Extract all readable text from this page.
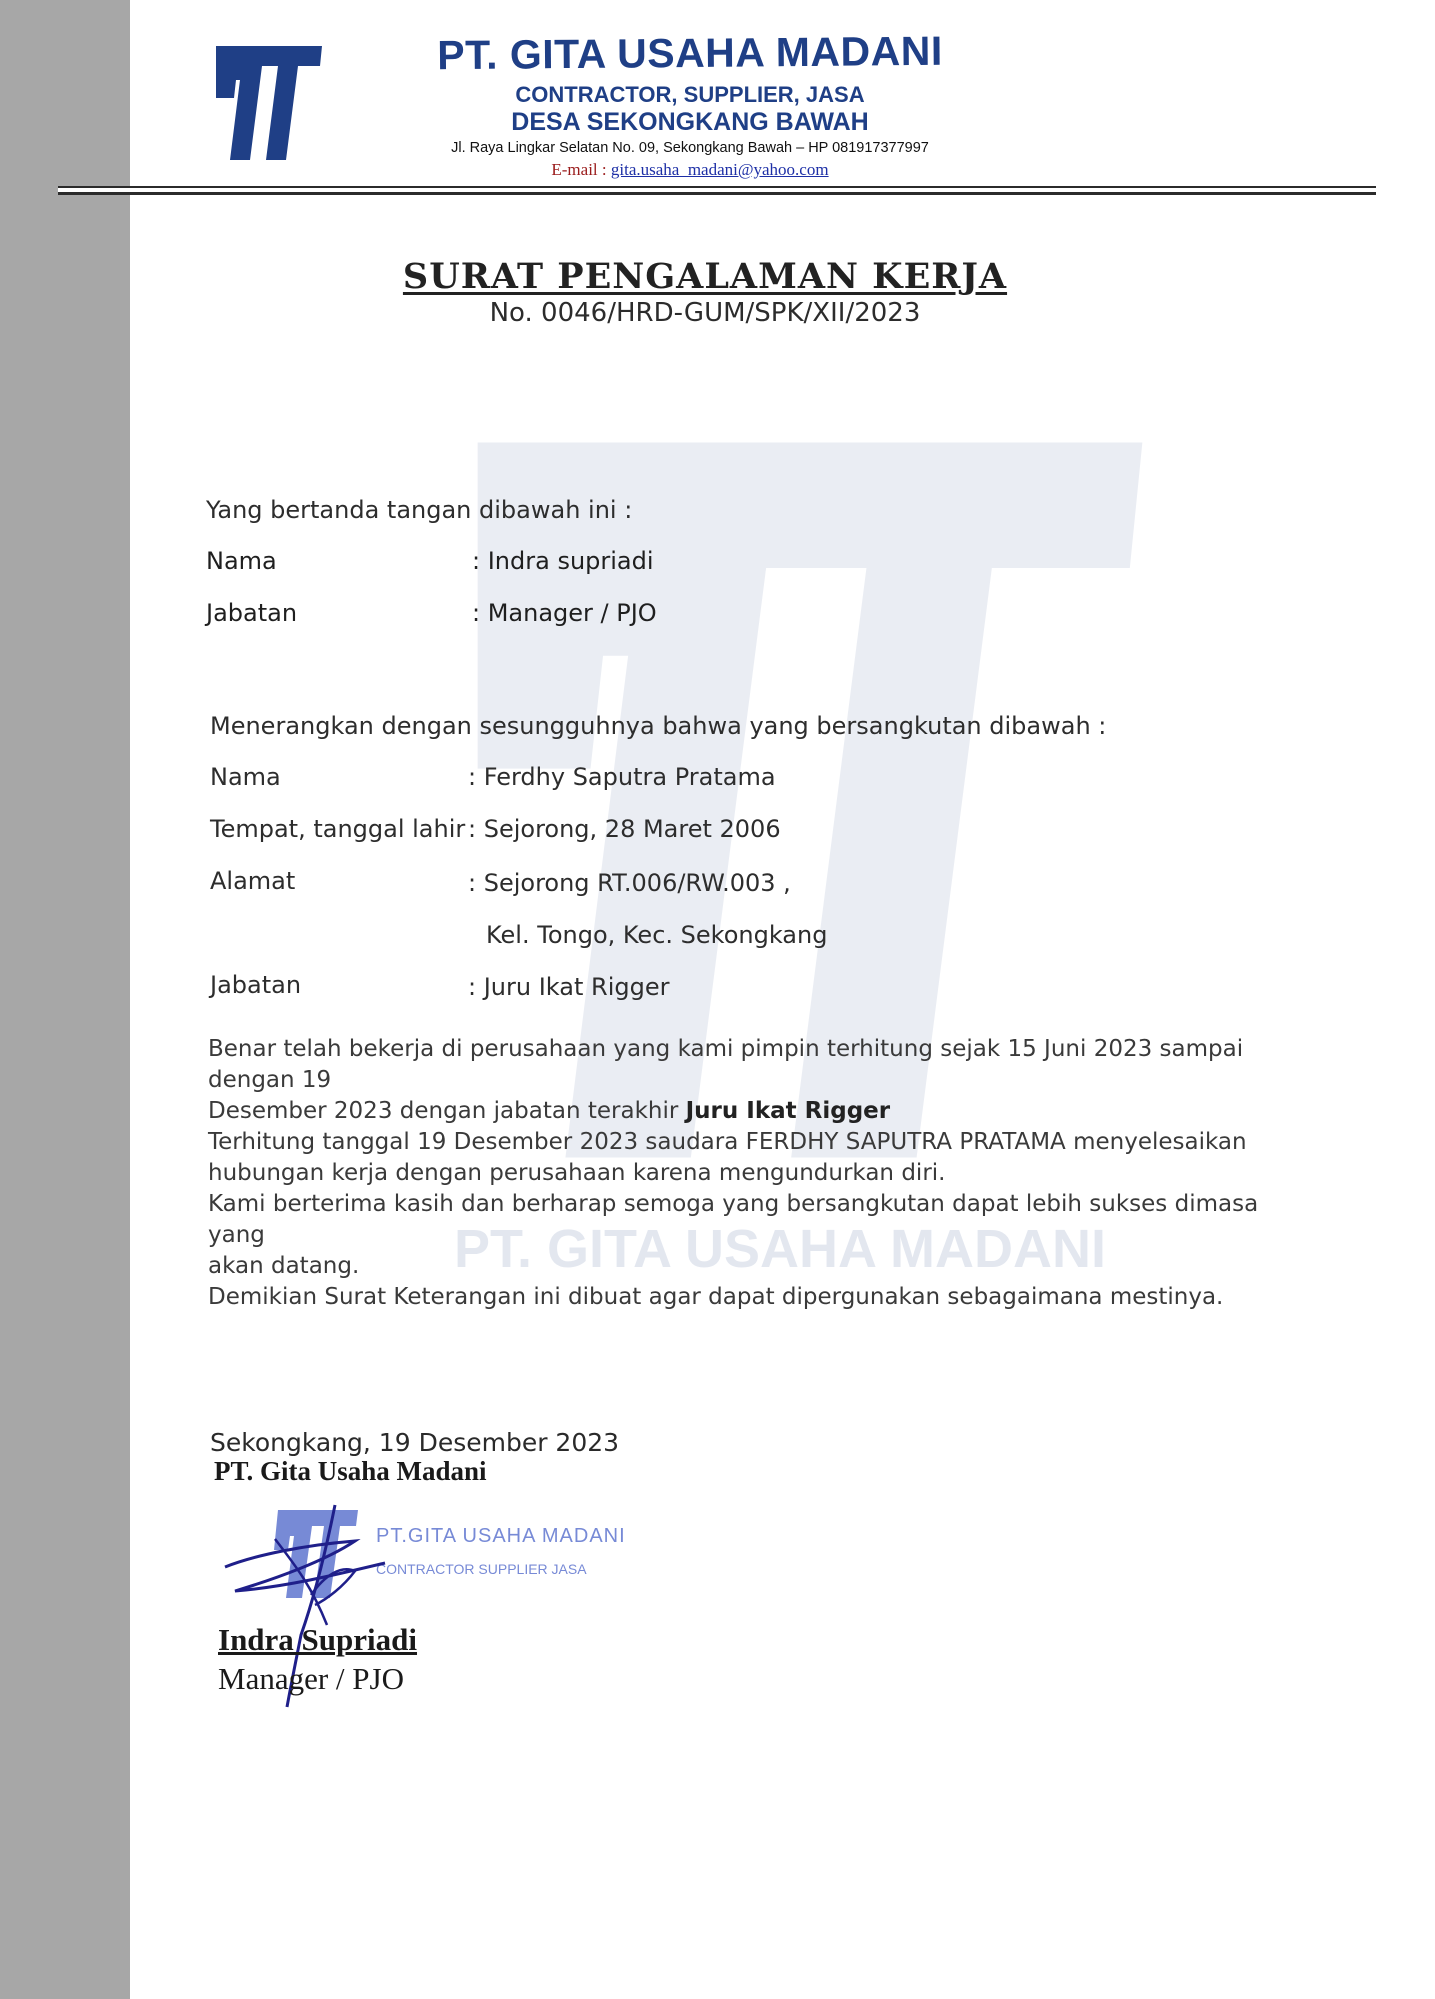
PT. GITA USAHA MADANI
CONTRACTOR, SUPPLIER, JASA
DESA SEKONGKANG BAWAH
Jl. Raya Lingkar Selatan No. 09, Sekongkang Bawah – HP 081917377997
E-mail : gita.usaha_madani@yahoo.com
PT. GITA USAHA MADANI
SURAT PENGALAMAN KERJA
No. 0046/HRD-GUM/SPK/XII/2023
Yang bertanda tangan dibawah ini :
Nama	: Indra supriadi
Jabatan	: Manager / PJO
Menerangkan dengan sesungguhnya bahwa yang bersangkutan dibawah :
Nama	: Ferdhy Saputra Pratama
Tempat, tanggal lahir : Sejorong, 28 Maret 2006
Alamat	: Sejorong RT.006/RW.003 ,
Kel. Tongo, Kec. Sekongkang
Jabatan	: Juru Ikat Rigger
Benar telah bekerja di perusahaan yang kami pimpin terhitung sejak 15 Juni 2023 sampai dengan 19
Desember 2023 dengan jabatan terakhir Juru Ikat Rigger
Terhitung tanggal 19 Desember 2023 saudara FERDHY SAPUTRA PRATAMA menyelesaikan
hubungan kerja dengan perusahaan karena mengundurkan diri.
Kami berterima kasih dan berharap semoga yang bersangkutan dapat lebih sukses dimasa yang
akan datang.
Demikian Surat Keterangan ini dibuat agar dapat dipergunakan sebagaimana mestinya.
Sekongkang, 19 Desember 2023
PT. Gita Usaha Madani
PT.GITA USAHA MADANI
CONTRACTOR SUPPLIER JASA
Indra Supriadi
Manager / PJO
